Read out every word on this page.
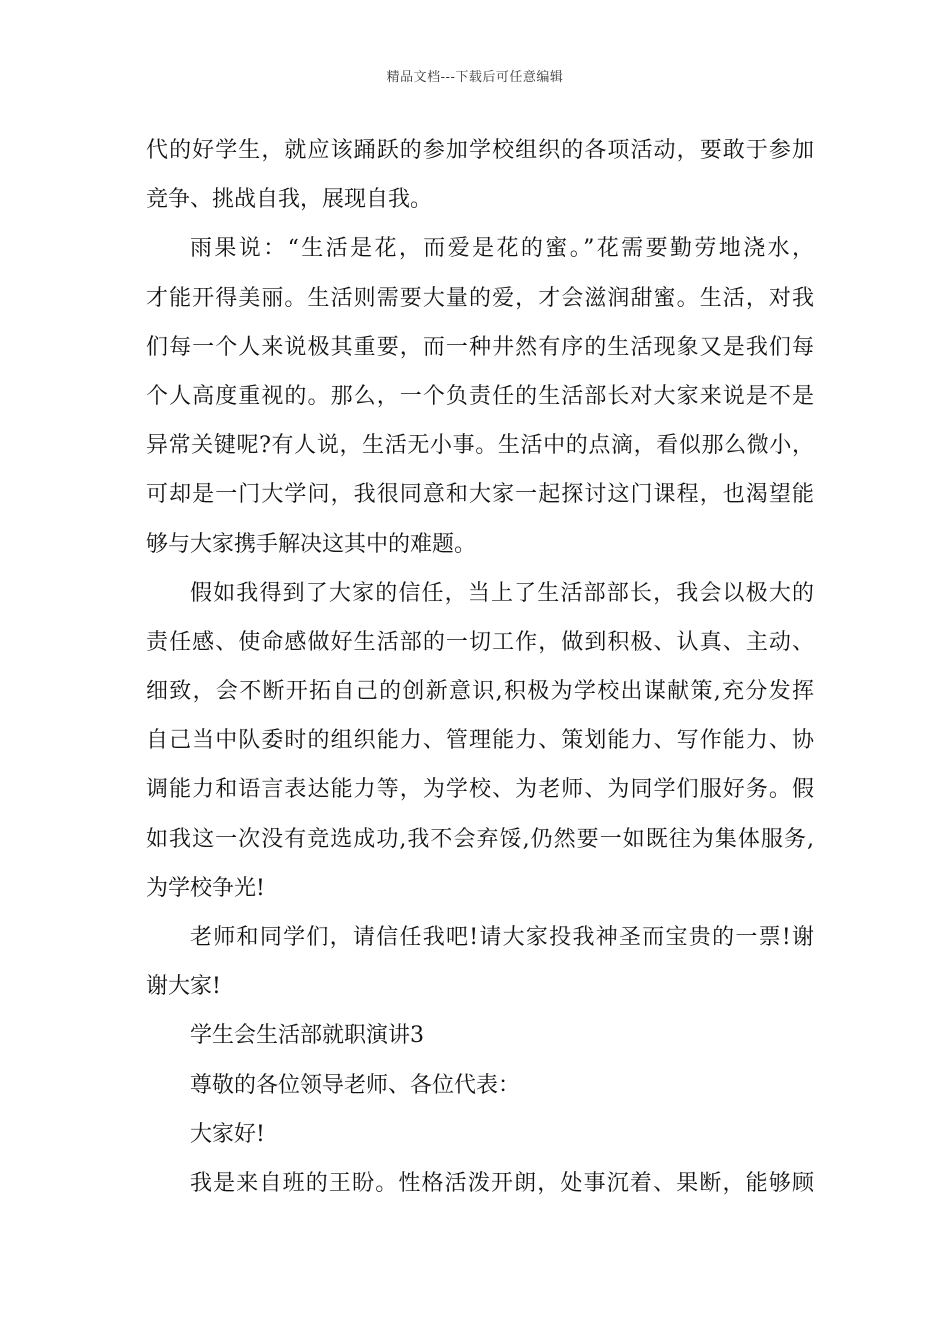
精品文档---下载后可任意编辑
代的好学生，就应该踊跃的参加学校组织的各项活动，要敢于参加
竞争、挑战自我，展现自我。
雨果说：“生活是花，而爱是花的蜜。”花需要勤劳地浇水，
才能开得美丽。生活则需要大量的爱，才会滋润甜蜜。生活，对我
们每一个人来说极其重要，而一种井然有序的生活现象又是我们每
个人高度重视的。那么，一个负责任的生活部长对大家来说是不是
异常关键呢?有人说，生活无小事。生活中的点滴，看似那么微小，
可却是一门大学问，我很同意和大家一起探讨这门课程，也渴望能
够与大家携手解决这其中的难题。
假如我得到了大家的信任，当上了生活部部长，我会以极大的
责任感、使命感做好生活部的一切工作，做到积极、认真、主动、
细致，会不断开拓自己的创新意识,积极为学校出谋献策,充分发挥
自己当中队委时的组织能力、管理能力、策划能力、写作能力、协
调能力和语言表达能力等，为学校、为老师、为同学们服好务。假
如我这一次没有竞选成功,我不会弃馁,仍然要一如既往为集体服务,
为学校争光!
老师和同学们，请信任我吧!请大家投我神圣而宝贵的一票!谢
谢大家!
学生会生活部就职演讲3
尊敬的各位领导老师、各位代表：
大家好!
我是来自班的王盼。性格活泼开朗，处事沉着、果断，能够顾
